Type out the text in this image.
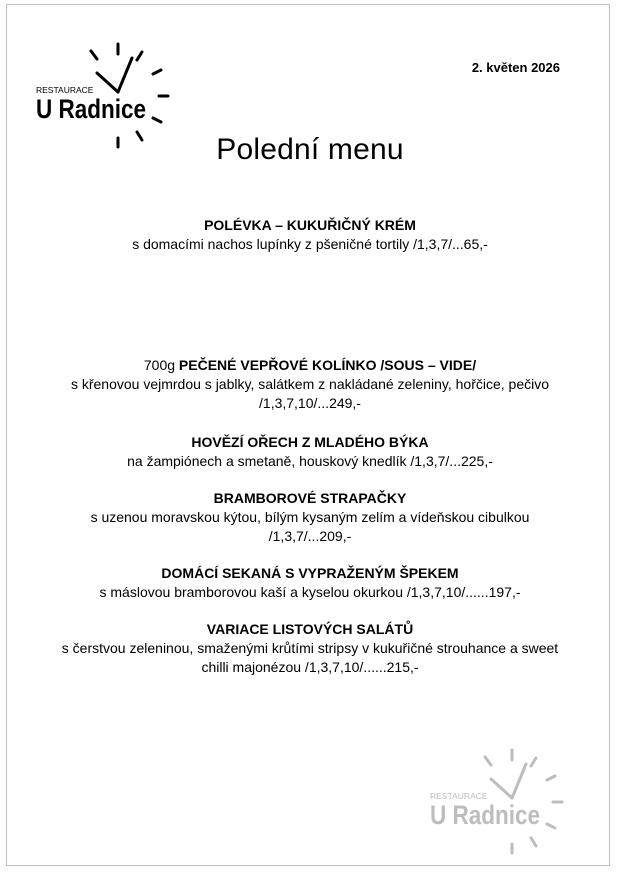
RESTAURACE
U Radnice
2. květen 2026
Polední menu
POLÉVKA – KUKUŘIČNÝ KRÉM
s domacími nachos lupínky z pšeničné tortily /1,3,7/...65,-
700g PEČENÉ VEPŘOVÉ KOLÍNKO /SOUS – VIDE/
s křenovou vejmrdou s jablky, salátkem z nakládané zeleniny, hořčice, pečivo /1,3,7,10/...249,-
HOVĚZÍ OŘECH Z MLADÉHO BÝKA
na žampiónech a smetaně, houskový knedlík /1,3,7/...225,-
BRAMBOROVÉ STRAPAČKY
s uzenou moravskou kýtou, bílým kysaným zelím a vídeňskou cibulkou /1,3,7/...209,-
DOMÁCÍ SEKANÁ S VYPRAŽENÝM ŠPEKEM
s máslovou bramborovou kaší a kyselou okurkou /1,3,7,10/......197,-
VARIACE LISTOVÝCH SALÁTŮ
s čerstvou zeleninou, smaženými krůtími stripsy v kukuřičné strouhance a sweet chilli majonézou /1,3,7,10/......215,-
RESTAURACE
U Radnice
